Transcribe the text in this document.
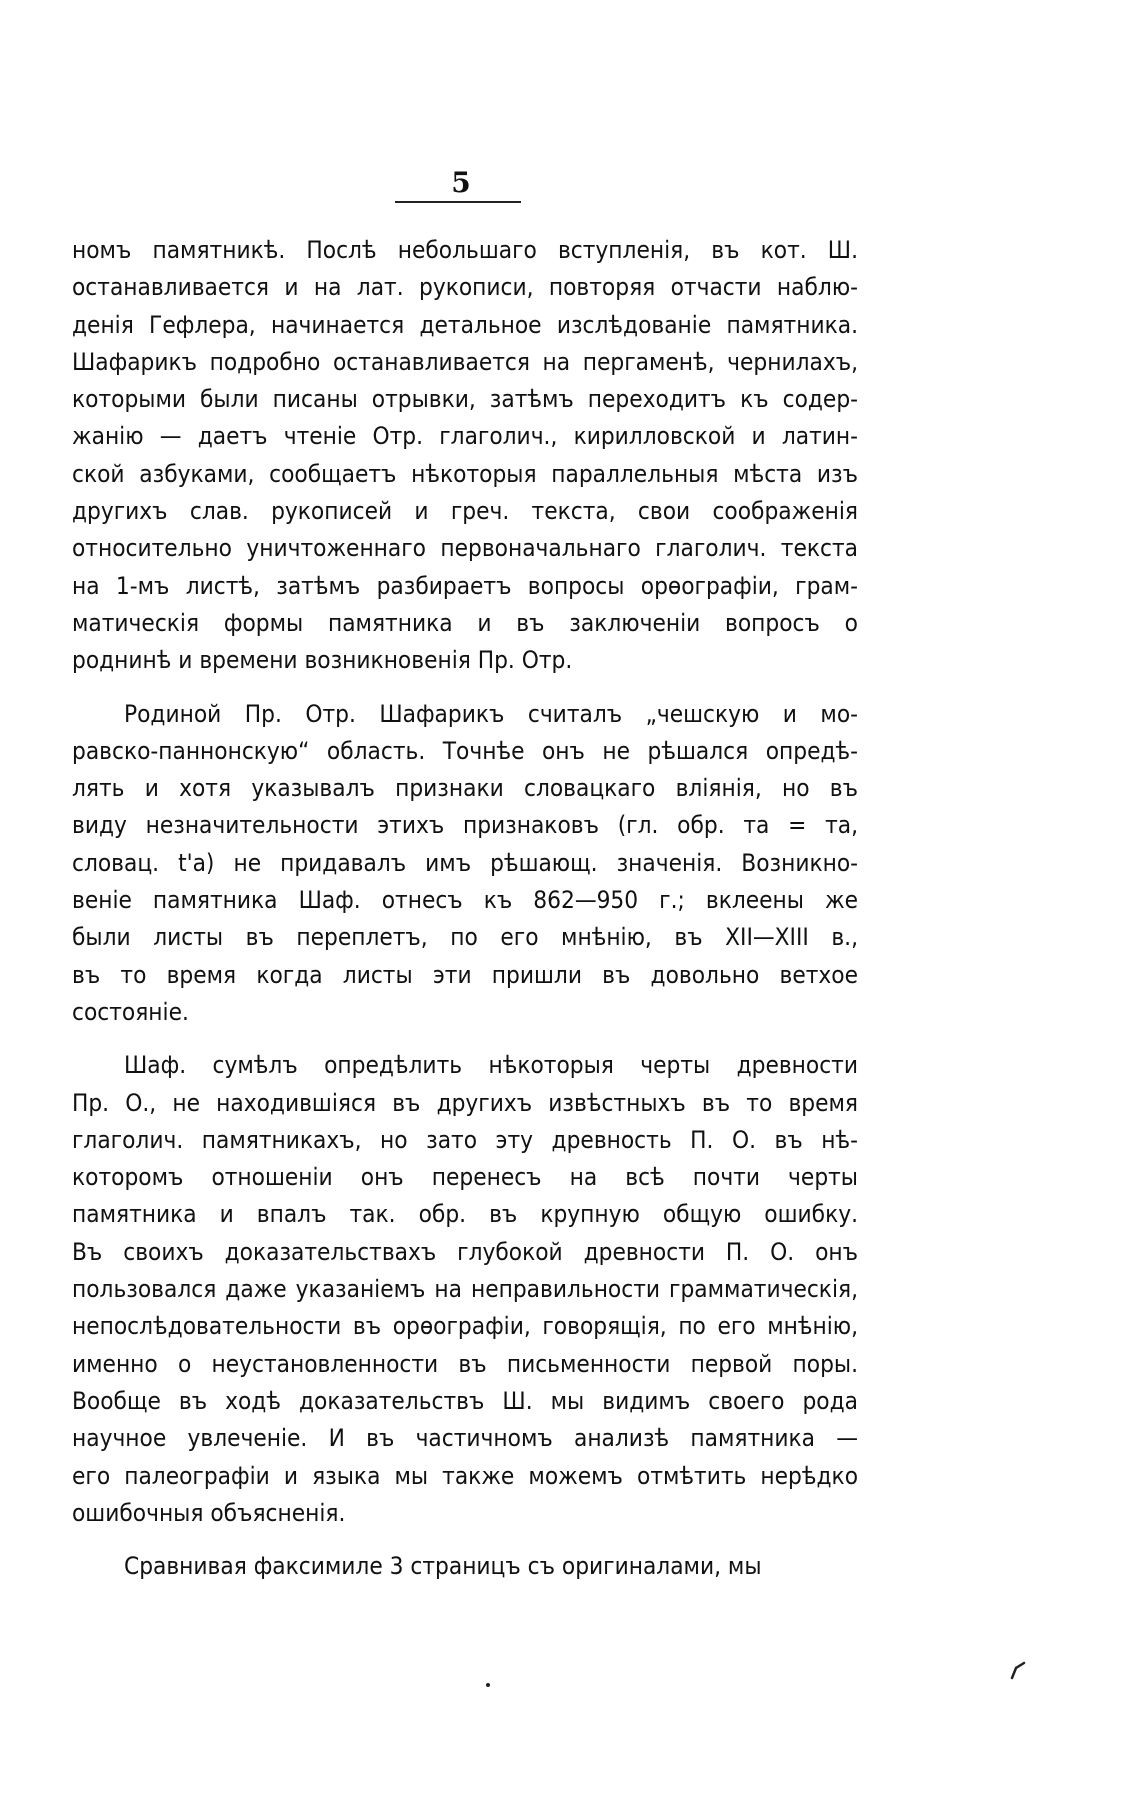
5
номъ памятникѣ. Послѣ небольшаго вступленія, въ кот. Ш.
останавливается и на лат. рукописи, повторяя отчасти наблю-
денія Гефлера, начинается детальное изслѣдованіе памятника.
Шафарикъ подробно останавливается на пергаменѣ, чернилахъ,
которыми были писаны отрывки, затѣмъ переходитъ къ содер-
жанію — даетъ чтеніе Отр. глаголич., кирилловской и латин-
ской азбуками, сообщаетъ нѣкоторыя параллельныя мѣста изъ
другихъ слав. рукописей и греч. текста, свои соображенія
относительно уничтоженнаго первоначальнаго глаголич. текста
на 1-мъ листѣ, затѣмъ разбираетъ вопросы орѳографіи, грам-
матическія формы памятника и въ заключеніи вопросъ о
роднинѣ и времени возникновенія Пр. Отр.
Родиной Пр. Отр. Шафарикъ считалъ „чешскую и мо-
равско-паннонскую“ область. Точнѣе онъ не рѣшался опредѣ-
лять и хотя указывалъ признаки словацкаго вліянія, но въ
виду незначительности этихъ признаковъ (гл. обр. та = тa,
словац. t'a) не придавалъ имъ рѣшающ. значенія. Возникно-
веніе памятника Шаф. отнесъ къ 862—950 г.; вклеены же
были листы въ переплетъ, по его мнѣнію, въ XII—XIII в.,
въ то время когда листы эти пришли въ довольно ветхое
состояніе.
Шаф. сумѣлъ опредѣлить нѣкоторыя черты древности
Пр. О., не находившіяся въ другихъ извѣстныхъ въ то время
глаголич. памятникахъ, но зато эту древность П. О. въ нѣ-
которомъ отношеніи онъ перенесъ на всѣ почти черты
памятника и впалъ так. обр. въ крупную общую ошибку.
Въ своихъ доказательствахъ глубокой древности П. О. онъ
пользовался даже указаніемъ на неправильности грамматическія,
непослѣдовательности въ орѳографіи, говорящія, по его мнѣнію,
именно о неустановленности въ письменности первой поры.
Вообще въ ходѣ доказательствъ Ш. мы видимъ своего рода
научное увлеченіе. И въ частичномъ анализѣ памятника —
его палеографіи и языка мы также можемъ отмѣтить нерѣдко
ошибочныя объясненія.
Сравнивая факсимиле 3 страницъ съ оригиналами, мы
